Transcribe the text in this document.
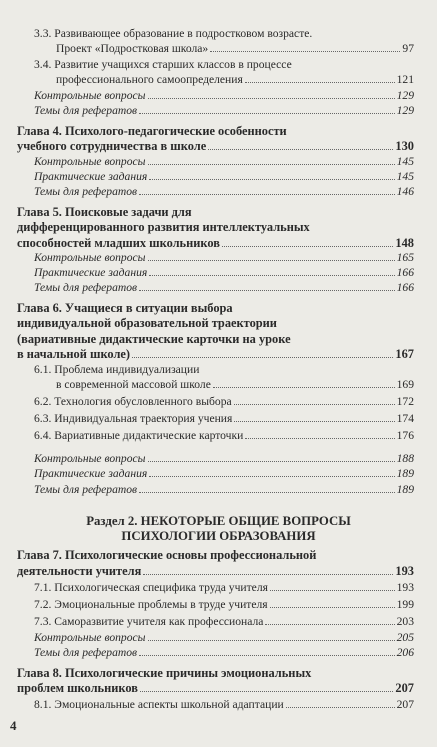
3.3. Развивающее образование в подростковом возрасте.
Проект «Подростковая школа»	97
3.4. Развитие учащихся старших классов в процессе
профессионального самоопределения	121
Контрольные вопросы	129
Темы для рефератов	129
Глава 4. Психолого-педагогические особенности
учебного сотрудничества в школе	130
Контрольные вопросы	145
Практические задания	145
Темы для рефератов	146
Глава 5. Поисковые задачи для
дифференцированного развития интеллектуальных
способностей младших школьников	148
Контрольные вопросы	165
Практические задания	166
Темы для рефератов	166
Глава 6. Учащиеся в ситуации выбора
индивидуальной образовательной траектории
(вариативные дидактические карточки на уроке
в начальной школе)	167
6.1. Проблема индивидуализации
в современной массовой школе	169
6.2. Технология обусловленного выбора	172
6.3. Индивидуальная траектория учения	174
6.4. Вариативные дидактические карточки	176
Контрольные вопросы	188
Практические задания	189
Темы для рефератов	189
Раздел 2. НЕКОТОРЫЕ ОБЩИЕ ВОПРОСЫ
ПСИХОЛОГИИ ОБРАЗОВАНИЯ
Глава 7. Психологические основы профессиональной
деятельности учителя	193
7.1. Психологическая специфика труда учителя	193
7.2. Эмоциональные проблемы в труде учителя	199
7.3. Саморазвитие учителя как профессионала	203
Контрольные вопросы	205
Темы для рефератов	206
Глава 8. Психологические причины эмоциональных
проблем школьников	207
8.1. Эмоциональные аспекты школьной адаптации	207
4
